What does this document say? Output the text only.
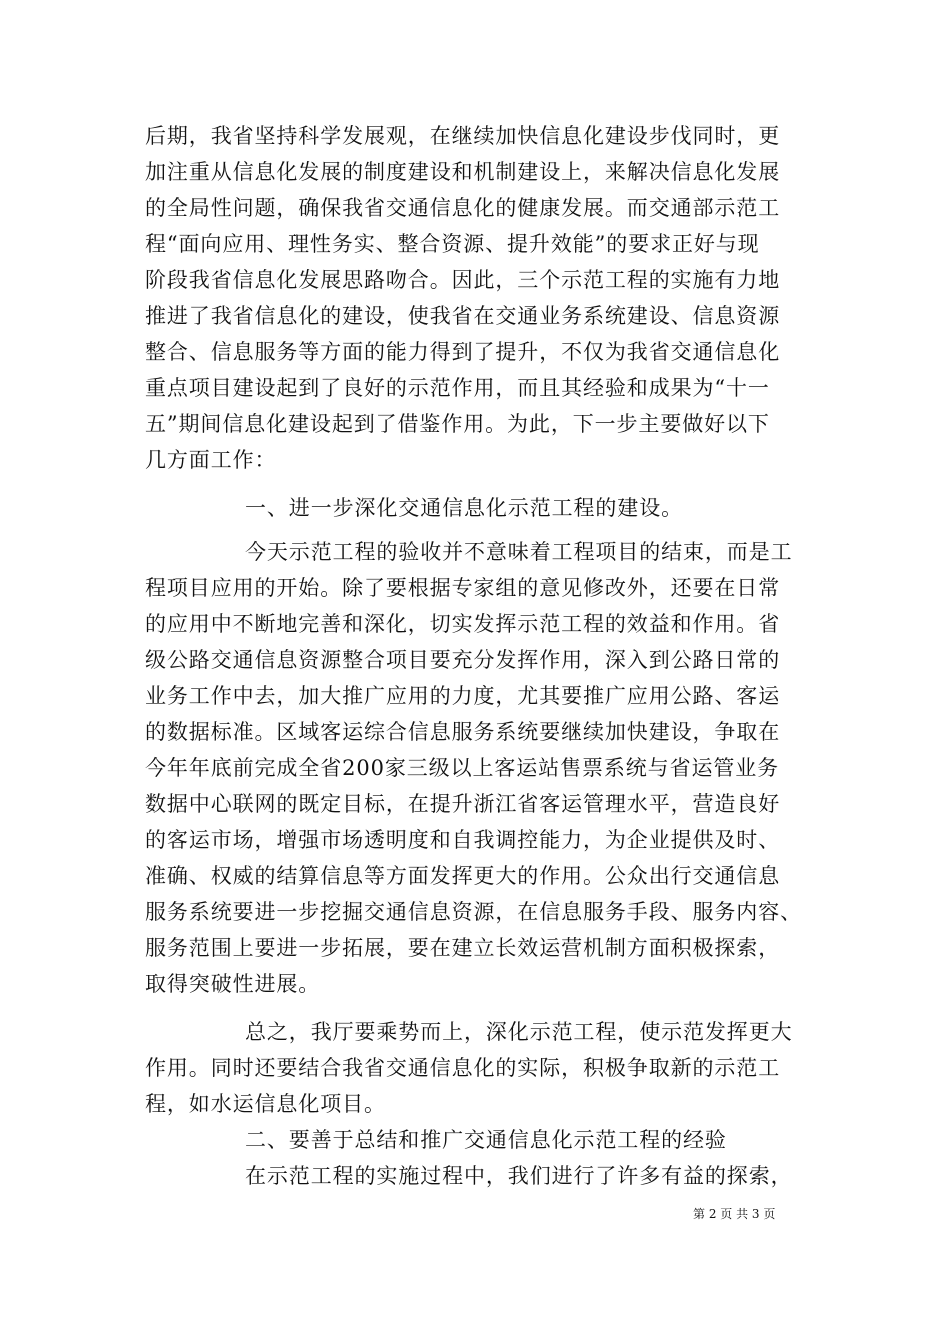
后期，我省坚持科学发展观，在继续加快信息化建设步伐同时，更
加注重从信息化发展的制度建设和机制建设上，来解决信息化发展
的全局性问题，确保我省交通信息化的健康发展。而交通部示范工
程“面向应用、理性务实、整合资源、提升效能”的要求正好与现
阶段我省信息化发展思路吻合。因此，三个示范工程的实施有力地
推进了我省信息化的建设，使我省在交通业务系统建设、信息资源
整合、信息服务等方面的能力得到了提升，不仅为我省交通信息化
重点项目建设起到了良好的示范作用，而且其经验和成果为“十一
五”期间信息化建设起到了借鉴作用。为此，下一步主要做好以下
几方面工作：
一、进一步深化交通信息化示范工程的建设。
今天示范工程的验收并不意味着工程项目的结束，而是工
程项目应用的开始。除了要根据专家组的意见修改外，还要在日常
的应用中不断地完善和深化，切实发挥示范工程的效益和作用。省
级公路交通信息资源整合项目要充分发挥作用，深入到公路日常的
业务工作中去，加大推广应用的力度，尤其要推广应用公路、客运
的数据标准。区域客运综合信息服务系统要继续加快建设，争取在
今年年底前完成全省200家三级以上客运站售票系统与省运管业务
数据中心联网的既定目标，在提升浙江省客运管理水平，营造良好
的客运市场，增强市场透明度和自我调控能力，为企业提供及时、
准确、权威的结算信息等方面发挥更大的作用。公众出行交通信息
服务系统要进一步挖掘交通信息资源，在信息服务手段、服务内容、
服务范围上要进一步拓展，要在建立长效运营机制方面积极探索，
取得突破性进展。
总之，我厅要乘势而上，深化示范工程，使示范发挥更大
作用。同时还要结合我省交通信息化的实际，积极争取新的示范工
程，如水运信息化项目。
二、要善于总结和推广交通信息化示范工程的经验
在示范工程的实施过程中，我们进行了许多有益的探索，
第 2 页 共 3 页
